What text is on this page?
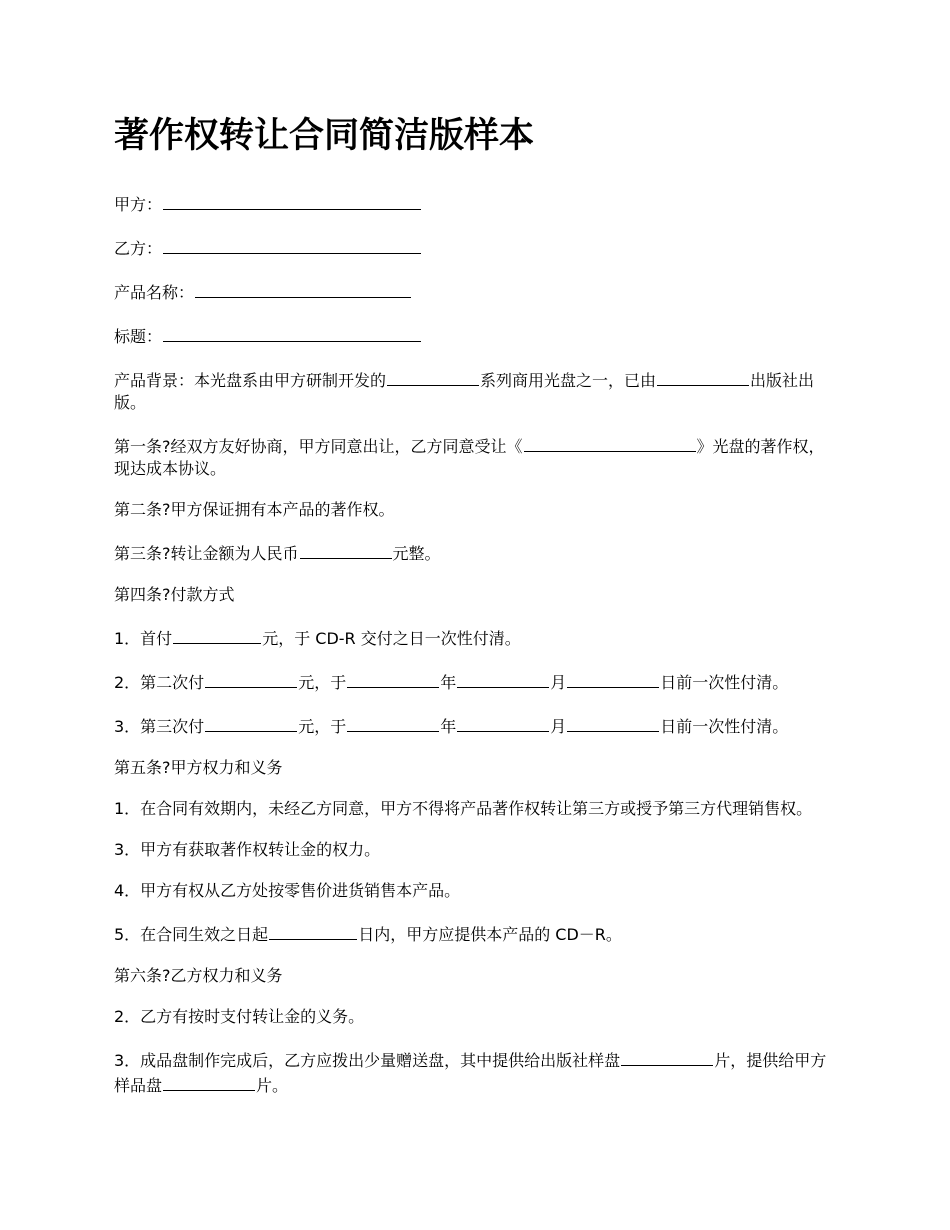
著作权转让合同简洁版样本

甲方：

乙方：

产品名称：

标题：

产品背景：本光盘系由甲方研制开发的	系列商用光盘之一，已由	出版社出版。

第一条?经双方友好协商，甲方同意出让，乙方同意受让《	》光盘的著作权，现达成本协议。

第二条?甲方保证拥有本产品的著作权。

第三条?转让金额为人民币	元整。

第四条?付款方式

1．首付	元，于 CD-R 交付之日一次性付清。

2．第二次付	元，于	年	月	日前一次性付清。

3．第三次付	元，于	年	月	日前一次性付清。

第五条?甲方权力和义务

1．在合同有效期内，未经乙方同意，甲方不得将产品著作权转让第三方或授予第三方代理销售权。

3．甲方有获取著作权转让金的权力。

4．甲方有权从乙方处按零售价进货销售本产品。

5．在合同生效之日起	日内，甲方应提供本产品的 CD－R。

第六条?乙方权力和义务

2．乙方有按时支付转让金的义务。

3．成品盘制作完成后，乙方应拨出少量赠送盘，其中提供给出版社样盘	片，提供给甲方样品盘	片。
